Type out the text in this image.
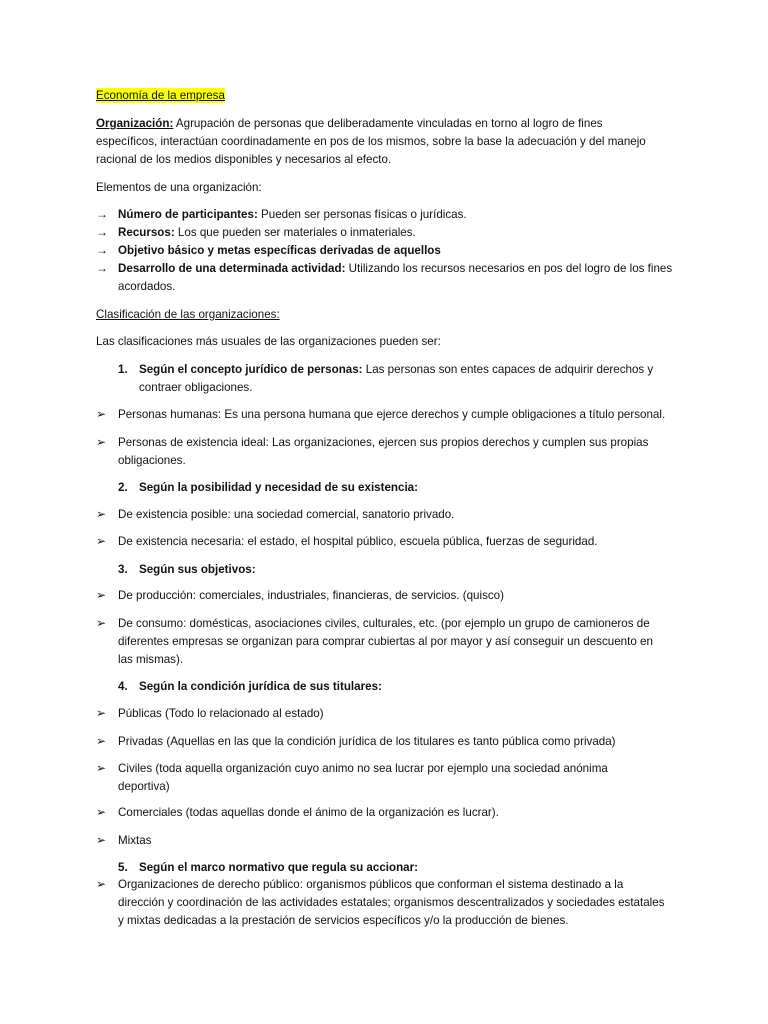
Economía de la empresa
Organización: Agrupación de personas que deliberadamente vinculadas en torno al logro de fines
específicos, interactúan coordinadamente en pos de los mismos, sobre la base la adecuación y del manejo
racional de los medios disponibles y necesarios al efecto.
Elementos de una organización:
→ Número de participantes: Pueden ser personas físicas o jurídicas.
→ Recursos: Los que pueden ser materiales o inmateriales.
→ Objetivo básico y metas específicas derivadas de aquellos
→ Desarrollo de una determinada actividad: Utilizando los recursos necesarios en pos del logro de los fines
acordados.
Clasificación de las organizaciones:
Las clasificaciones más usuales de las organizaciones pueden ser:
1. Según el concepto jurídico de personas: Las personas son entes capaces de adquirir derechos y
contraer obligaciones.
➢ Personas humanas: Es una persona humana que ejerce derechos y cumple obligaciones a título personal.
➢ Personas de existencia ideal: Las organizaciones, ejercen sus propios derechos y cumplen sus propias
obligaciones.
2. Según la posibilidad y necesidad de su existencia:
➢ De existencia posible: una sociedad comercial, sanatorio privado.
➢ De existencia necesaria: el estado, el hospital público, escuela pública, fuerzas de seguridad.
3. Según sus objetivos:
➢ De producción: comerciales, industriales, financieras, de servicios. (quisco)
➢ De consumo: domésticas, asociaciones civiles, culturales, etc. (por ejemplo un grupo de camioneros de
diferentes empresas se organizan para comprar cubiertas al por mayor y así conseguir un descuento en
las mismas).
4. Según la condición jurídica de sus titulares:
➢ Públicas (Todo lo relacionado al estado)
➢ Privadas (Aquellas en las que la condición jurídica de los titulares es tanto pública como privada)
➢ Civiles (toda aquella organización cuyo animo no sea lucrar por ejemplo una sociedad anónima
deportiva)
➢ Comerciales (todas aquellas donde el ánimo de la organización es lucrar).
➢ Mixtas
5. Según el marco normativo que regula su accionar:
➢ Organizaciones de derecho público: organismos públicos que conforman el sistema destinado a la
dirección y coordinación de las actividades estatales; organismos descentralizados y sociedades estatales
y mixtas dedicadas a la prestación de servicios específicos y/o la producción de bienes.
